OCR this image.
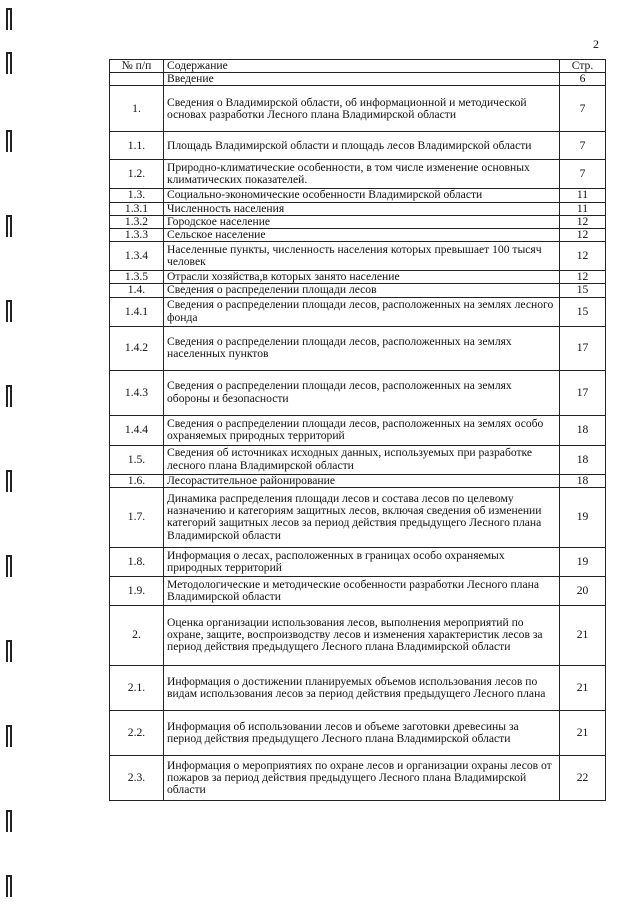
2
№ п/п	Содержание	Стр.
	Введение	6
1.	Сведения о Владимирской области, об информационной и методической основах разработки Лесного плана Владимирской области	7
1.1.	Площадь Владимирской области и площадь лесов Владимирской области	7
1.2.	Природно-климатические особенности, в том числе изменение основных климатических показателей.	7
1.3.	Социально-экономические особенности Владимирской области	11
1.3.1	Численность населения	11
1.3.2	Городское население	12
1.3.3	Сельское население	12
1.3.4	Населенные пункты, численность населения которых превышает 100 тысяч человек	12
1.3.5	Отрасли хозяйства,в которых занято население	12
1.4.	Сведения о распределении площади лесов	15
1.4.1	Сведения о распределении площади лесов, расположенных на землях лесного фонда	15
1.4.2	Сведения о распределении площади лесов, расположенных на землях населенных пунктов	17
1.4.3	Сведения о распределении площади лесов, расположенных на землях обороны и безопасности	17
1.4.4	Сведения о распределении площади лесов, расположенных на землях особо охраняемых природных территорий	18
1.5.	Сведения об источниках исходных данных, используемых при разработке лесного плана Владимирской области	18
1.6.	Лесорастительное районирование	18
1.7.	Динамика распределения площади лесов и состава лесов по целевому назначению и категориям защитных лесов, включая сведения об изменении категорий защитных лесов за период действия предыдущего Лесного плана Владимирской области	19
1.8.	Информация о лесах, расположенных в границах особо охраняемых природных территорий	19
1.9.	Методологические и методические особенности разработки Лесного плана Владимирской области	20
2.	Оценка организации использования лесов, выполнения мероприятий по охране, защите, воспроизводству лесов и изменения характеристик лесов за период действия предыдущего Лесного плана Владимирской области	21
2.1.	Информация о достижении планируемых объемов использования лесов по видам использования лесов за период действия предыдущего Лесного плана	21
2.2.	Информация об использовании лесов и объеме заготовки древесины за период действия предыдущего Лесного плана Владимирской области	21
2.3.	Информация о мероприятиях по охране лесов и организации охраны лесов от пожаров за период действия предыдущего Лесного плана Владимирской области	22
